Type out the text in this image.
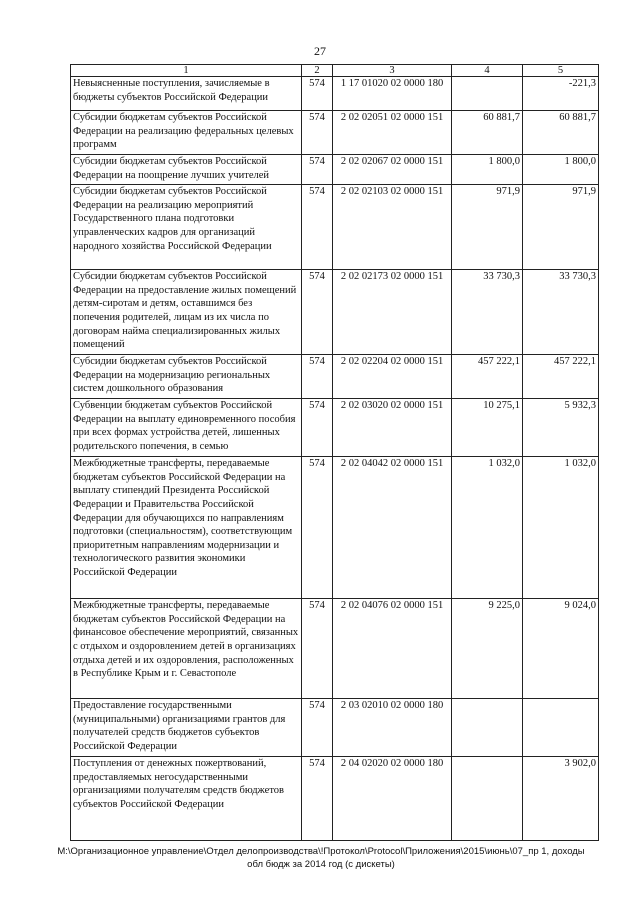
27
1	2	3	4	5
Невыясненные поступления, зачисляемые в бюджеты субъектов Российской Федерации	574	1 17 01020 02 0000 180		-221,3
Субсидии бюджетам субъектов Российской Федерации на реализацию федеральных целевых программ	574	2 02 02051 02 0000 151	60 881,7	60 881,7
Субсидии бюджетам субъектов Российской Федерации на поощрение лучших учителей	574	2 02 02067 02 0000 151	1 800,0	1 800,0
Субсидии бюджетам субъектов Российской Федерации на реализацию мероприятий Государственного плана подготовки управленческих кадров для организаций народного хозяйства Российской Федерации	574	2 02 02103 02 0000 151	971,9	971,9
Субсидии бюджетам субъектов Российской Федерации на предоставление жилых помещений детям-сиротам и детям, оставшимся без попечения родителей, лицам из их числа по договорам найма специализированных жилых помещений	574	2 02 02173 02 0000 151	33 730,3	33 730,3
Субсидии бюджетам субъектов Российской Федерации на модернизацию региональных систем дошкольного образования	574	2 02 02204 02 0000 151	457 222,1	457 222,1
Субвенции бюджетам субъектов Российской Федерации на выплату единовременного пособия при всех формах устройства детей, лишенных родительского попечения, в семью	574	2 02 03020 02 0000 151	10 275,1	5 932,3
Межбюджетные трансферты, передаваемые бюджетам субъектов Российской Федерации на выплату стипендий Президента Российской Федерации и Правительства Российской Федерации для обучающихся по направлениям подготовки (специальностям), соответствующим приоритетным направлениям модернизации и технологического развития экономики Российской Федерации	574	2 02 04042 02 0000 151	1 032,0	1 032,0
Межбюджетные трансферты, передаваемые бюджетам субъектов Российской Федерации на финансовое обеспечение мероприятий, связанных с отдыхом и оздоровлением детей в организациях отдыха детей и их оздоровления, расположенных в Республике Крым и г. Севастополе	574	2 02 04076 02 0000 151	9 225,0	9 024,0
Предоставление государственными (муниципальными) организациями грантов для получателей средств бюджетов субъектов Российской Федерации	574	2 03 02010 02 0000 180		
Поступления от денежных пожертвований, предоставляемых негосударственными организациями получателям средств бюджетов субъектов Российской Федерации	574	2 04 02020 02 0000 180		3 902,0
M:\Организационное управление\Отдел делопроизводства\!Протокол\Protocol\Приложения\2015\июнь\07_пр 1, доходы
обл бюдж за 2014 год (с дискеты)
